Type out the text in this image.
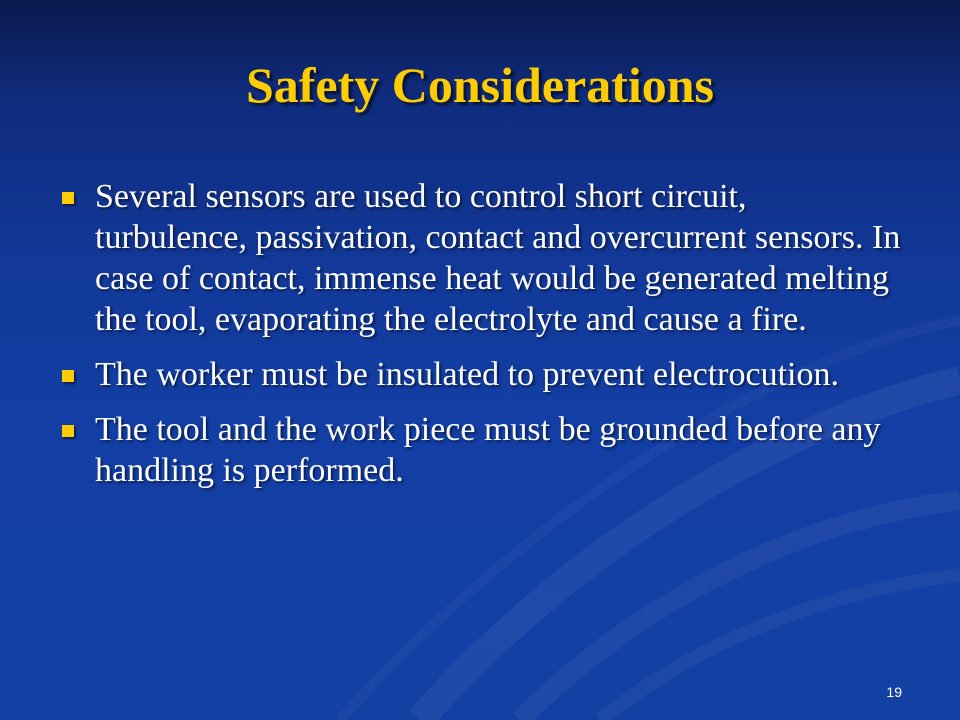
Safety Considerations
Several sensors are used to control short circuit, turbulence, passivation, contact and overcurrent sensors. In case of contact, immense heat would be generated melting the tool, evaporating the electrolyte and cause a fire.
The worker must be insulated to prevent electrocution.
The tool and the work piece must be grounded before any handling is performed.
19
